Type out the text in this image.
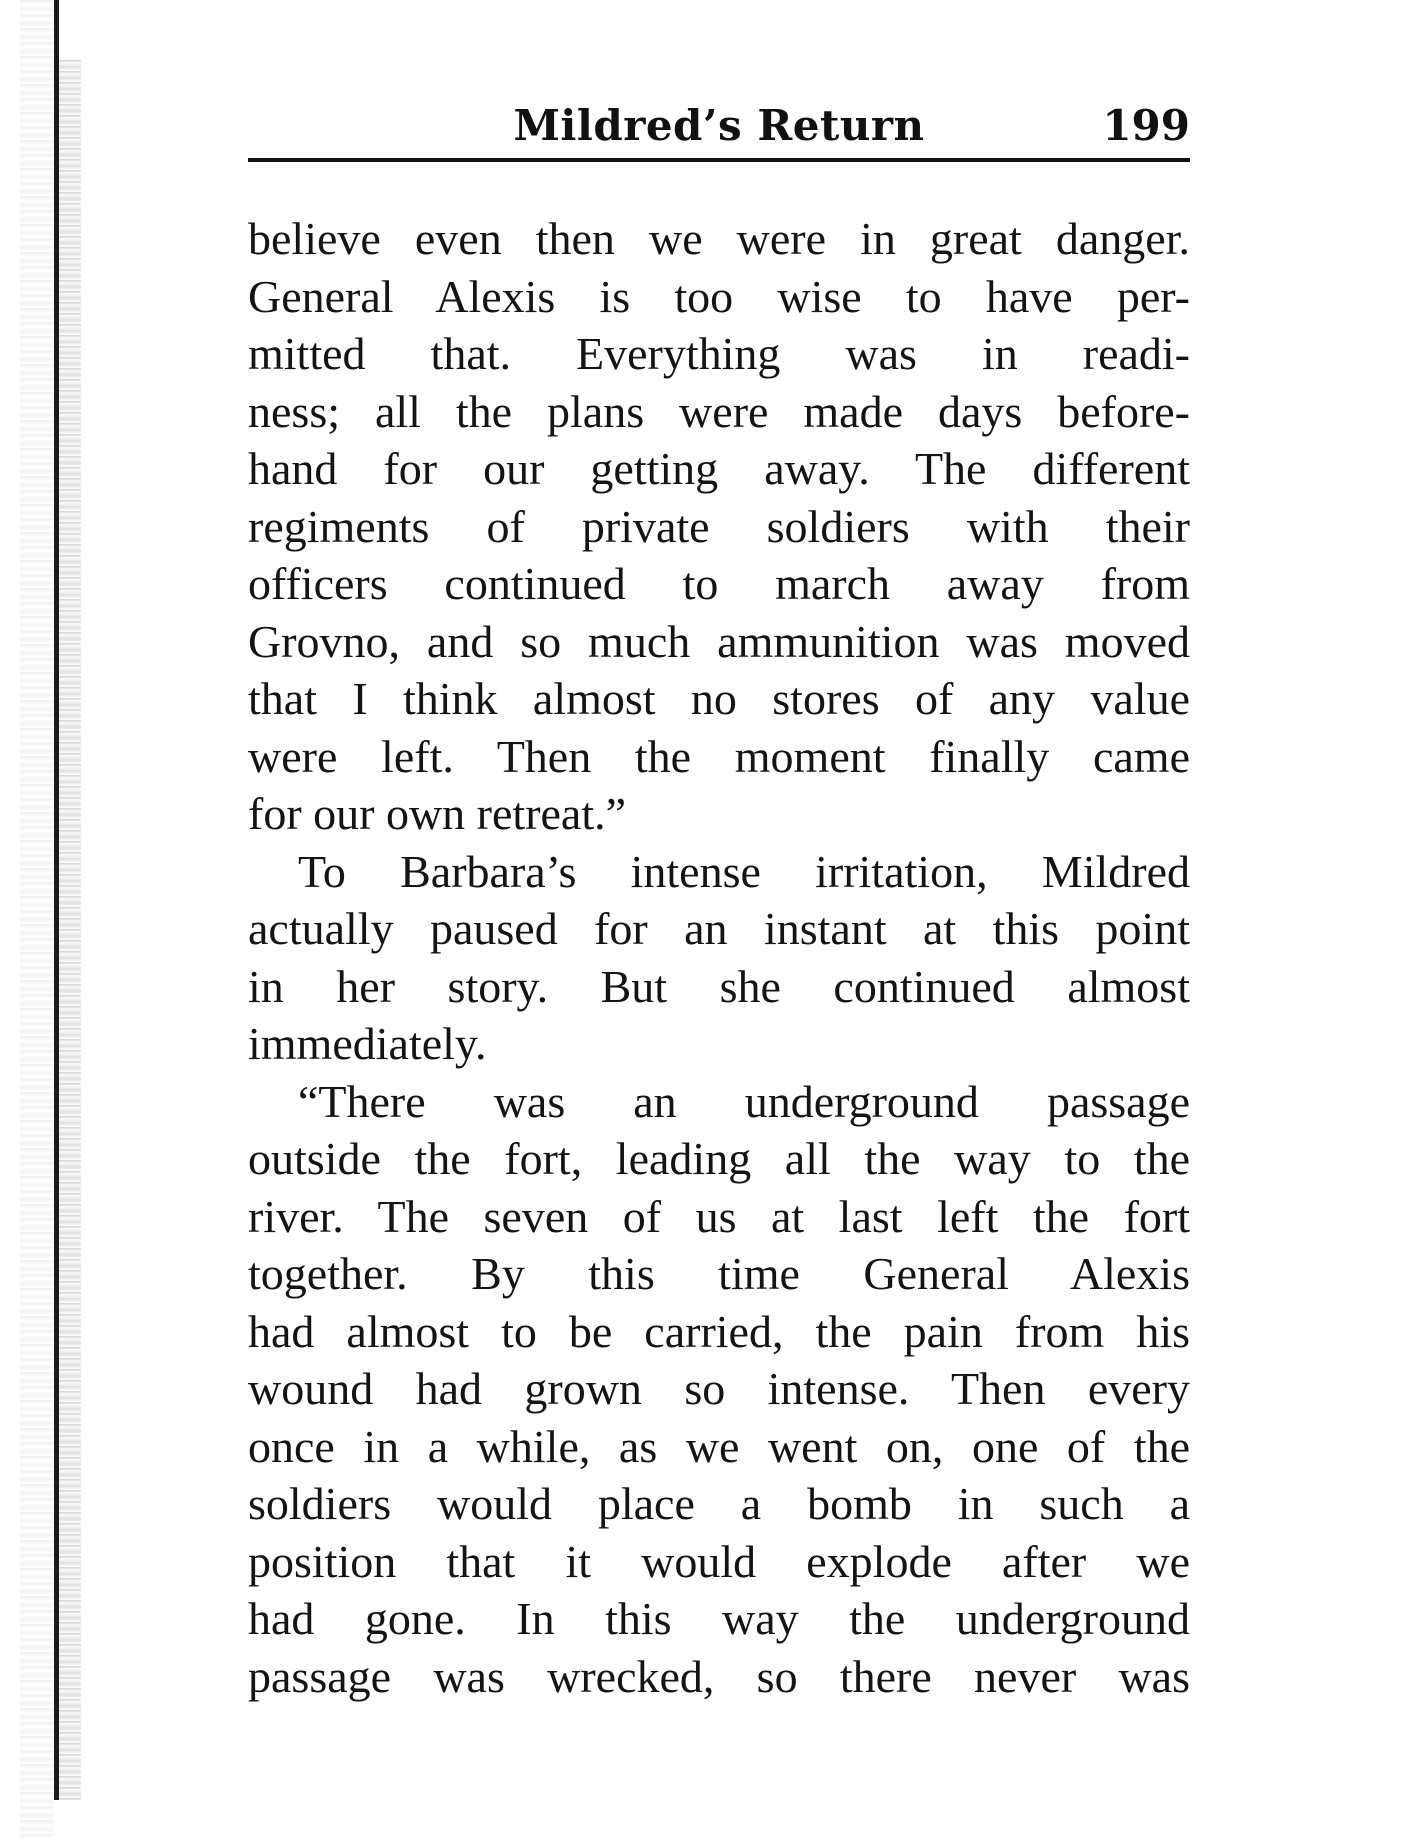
Mildred’s Return	199
believe even then we were in great danger.
General Alexis is too wise to have per-
mitted that. Everything was in readi-
ness; all the plans were made days before-
hand for our getting away. The different
regiments of private soldiers with their
officers continued to march away from
Grovno, and so much ammunition was moved
that I think almost no stores of any value
were left. Then the moment finally came
for our own retreat.”
To Barbara’s intense irritation, Mildred
actually paused for an instant at this point
in her story. But she continued almost
immediately.
“There was an underground passage
outside the fort, leading all the way to the
river. The seven of us at last left the fort
together. By this time General Alexis
had almost to be carried, the pain from his
wound had grown so intense. Then every
once in a while, as we went on, one of the
soldiers would place a bomb in such a
position that it would explode after we
had gone. In this way the underground
passage was wrecked, so there never was
